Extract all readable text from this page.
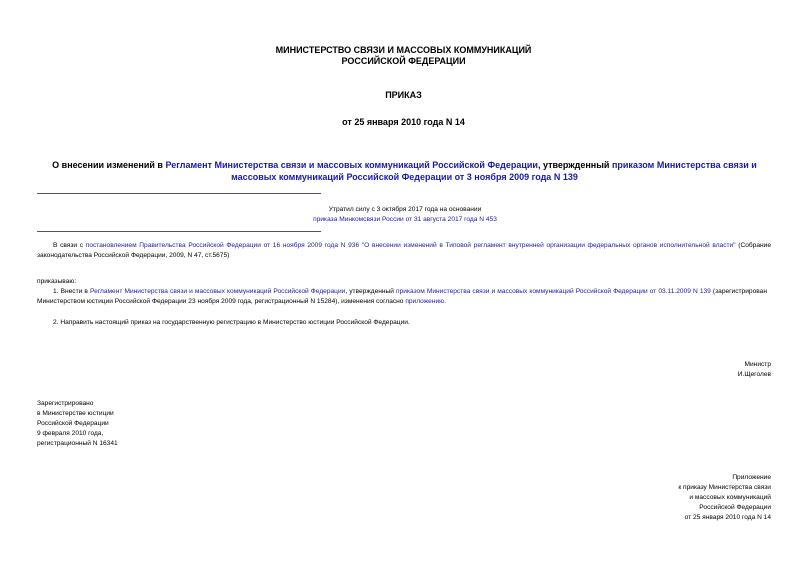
МИНИСТЕРСТВО СВЯЗИ И МАССОВЫХ КОММУНИКАЦИЙ
РОССИЙСКОЙ ФЕДЕРАЦИИ
ПРИКАЗ
от 25 января 2010 года N 14
О внесении изменений в Регламент Министерства связи и массовых коммуникаций Российской Федерации, утвержденный приказом Министерства связи и массовых коммуникаций Российской Федерации от 3 ноября 2009 года N 139
Утратил силу с 3 октября 2017 года на основании
приказа Минкомсвязи России от 31 августа 2017 года N 453
В связи с постановлением Правительства Российской Федерации от 16 ноября 2009 года N 936 "О внесении изменений в Типовой регламент внутренней организации федеральных органов исполнительной власти" (Собрание законодательства Российской Федерации, 2009, N 47, ст.5675)
приказываю:
1. Внести в Регламент Министерства связи и массовых коммуникаций Российской Федерации, утвержденный приказом Министерства связи и массовых коммуникаций Российской Федерации от 03.11.2009 N 139 (зарегистрирован Министерством юстиции Российской Федерации 23 ноября 2009 года, регистрационный N 15284), изменения согласно приложению.
2. Направить настоящий приказ на государственную регистрацию в Министерство юстиции Российской Федерации.
Министр
И.Щеголев
Зарегистрировано
в Министерстве юстиции
Российской Федерации
9 февраля 2010 года,
регистрационный N 16341
Приложение
к приказу Министерства связи
и массовых коммуникаций
Российской Федерации
от 25 января 2010 года N 14
